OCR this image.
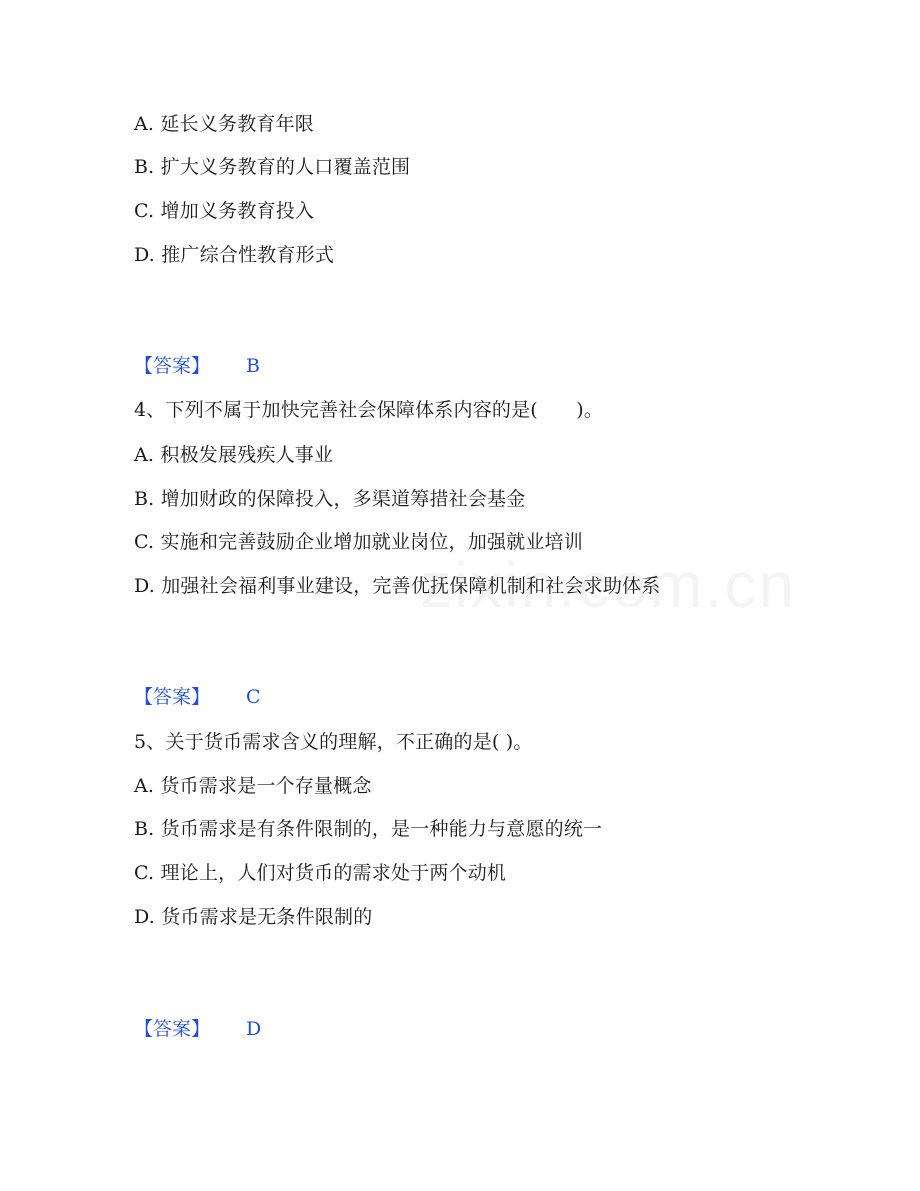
A. 延长义务教育年限
B. 扩大义务教育的人口覆盖范围
C. 增加义务教育投入
D. 推广综合性教育形式
【答案】 B
4、下列不属于加快完善社会保障体系内容的是(　　)。
A. 积极发展残疾人事业
B. 增加财政的保障投入，多渠道筹措社会基金
C. 实施和完善鼓励企业增加就业岗位，加强就业培训
D. 加强社会福利事业建设，完善优抚保障机制和社会求助体系
【答案】 C
5、关于货币需求含义的理解，不正确的是( )。
A. 货币需求是一个存量概念
B. 货币需求是有条件限制的，是一种能力与意愿的统一
C. 理论上，人们对货币的需求处于两个动机
D. 货币需求是无条件限制的
【答案】 D
